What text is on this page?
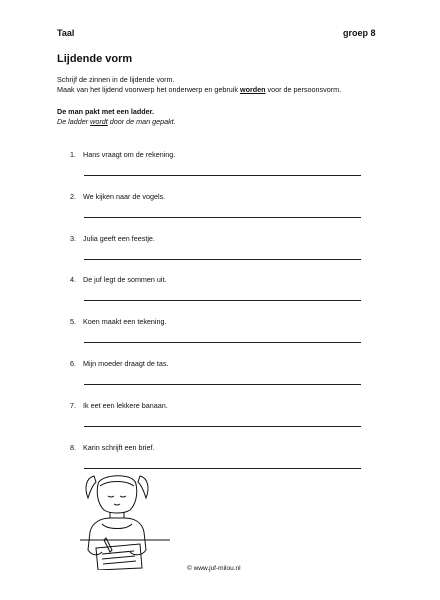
Taal	groep 8
Lijdende vorm
Schrijf de zinnen in de lijdende vorm.
Maak van het lijdend voorwerp het onderwerp en gebruik worden voor de persoonsvorm.
De man pakt met een ladder.
De ladder wordt door de man gepakt.
1. Hans vraagt om de rekening.
2. We kijken naar de vogels.
3. Julia geeft een feestje.
4. De juf legt de sommen uit.
5. Koen maakt een tekening.
6. Mijn moeder draagt de tas.
7. Ik eet een lekkere banaan.
8. Karin schrijft een brief.
© www.juf-milou.nl
